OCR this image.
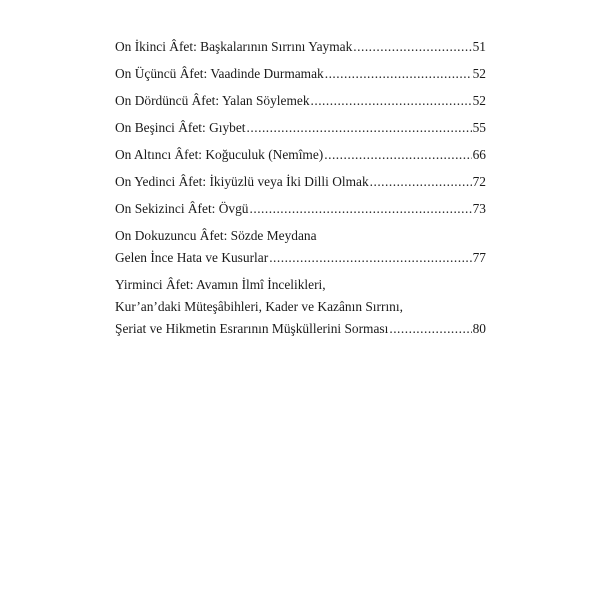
On İkinci Âfet: Başkalarının Sırrını Yaymak .....	51
On Üçüncü Âfet: Vaadinde Durmamak .....	52
On Dördüncü Âfet: Yalan Söylemek .....	52
On Beşinci Âfet: Gıybet .....	55
On Altıncı Âfet: Koğuculuk (Nemîme) .....	66
On Yedinci Âfet: İkiyüzlü veya İki Dilli Olmak .....	72
On Sekizinci Âfet: Övgü .....	73
On Dokuzuncu Âfet: Sözde Meydana
Gelen İnce Hata ve Kusurlar .....	77
Yirminci Âfet: Avamın İlmî İncelikleri,
Kur’an’daki Müteşâbihleri, Kader ve Kazânın Sırrını,
Şeriat ve Hikmetin Esrarının Müşküllerini Sorması .....	80
